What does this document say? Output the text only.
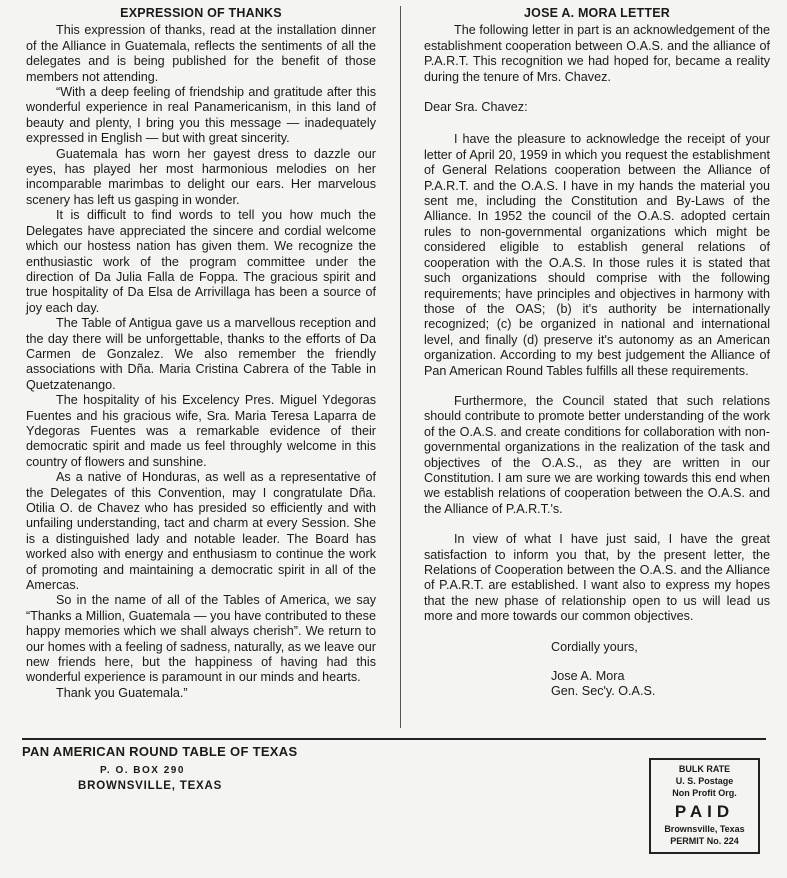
EXPRESSION OF THANKS

This expression of thanks, read at the installation dinner of the Alliance in Guatemala, reflects the sentiments of all the delegates and is being published for the benefit of those members not attending.

“With a deep feeling of friendship and gratitude after this wonderful experience in real Panamericanism, in this land of beauty and plenty, I bring you this message — inadequately expressed in English — but with great sincerity.

Guatemala has worn her gayest dress to dazzle our eyes, has played her most harmonious melodies on her incomparable marimbas to delight our ears. Her marvelous scenery has left us gasping in wonder.

It is difficult to find words to tell you how much the Delegates have appreciated the sincere and cordial welcome which our hostess nation has given them. We recognize the enthusiastic work of the program committee under the direction of Da Julia Falla de Foppa. The gracious spirit and true hospitality of Da Elsa de Arrivillaga has been a source of joy each day.

The Table of Antigua gave us a marvellous reception and the day there will be unforgettable, thanks to the efforts of Da Carmen de Gonzalez. We also remember the friendly associations with Dña. Maria Cristina Cabrera of the Table in Quetzatenango.

The hospitality of his Excelency Pres. Miguel Ydegoras Fuentes and his gracious wife, Sra. Maria Teresa Laparra de Ydegoras Fuentes was a remarkable evidence of their democratic spirit and made us feel throughly welcome in this country of flowers and sunshine.

As a native of Honduras, as well as a representative of the Delegates of this Convention, may I congratulate Dña. Otilia O. de Chavez who has presided so efficiently and with unfailing understanding, tact and charm at every Session. She is a distinguished lady and notable leader. The Board has worked also with energy and enthusiasm to continue the work of promoting and maintaining a democratic spirit in all of the Amercas.

So in the name of all of the Tables of America, we say “Thanks a Million, Guatemala — you have contributed to these happy memories which we shall always cherish”. We return to our homes with a feeling of sadness, naturally, as we leave our new friends here, but the happiness of having had this wonderful experience is paramount in our minds and hearts.

Thank you Guatemala.”

JOSE A. MORA LETTER

The following letter in part is an acknowledgement of the establishment cooperation between O.A.S. and the alliance of P.A.R.T. This recognition we had hoped for, became a reality during the tenure of Mrs. Chavez.

Dear Sra. Chavez:

I have the pleasure to acknowledge the receipt of your letter of April 20, 1959 in which you request the establishment of General Relations cooperation between the Alliance of P.A.R.T. and the O.A.S. I have in my hands the material you sent me, including the Constitution and By-Laws of the Alliance. In 1952 the council of the O.A.S. adopted certain rules to non-governmental organizations which might be considered eligible to establish general relations of cooperation with the O.A.S. In those rules it is stated that such organizations should comprise with the following requirements; have principles and objectives in harmony with those of the OAS; (b) it's authority be internationally recognized; (c) be organized in national and international level, and finally (d) preserve it's autonomy as an American organization. According to my best judgement the Alliance of Pan American Round Tables fulfills all these requirements.

Furthermore, the Council stated that such relations should contribute to promote better understanding of the work of the O.A.S. and create conditions for collaboration with non-governmental organizations in the realization of the task and objectives of the O.A.S., as they are written in our Constitution. I am sure we are working towards this end when we establish relations of cooperation between the O.A.S. and the Alliance of P.A.R.T.'s.

In view of what I have just said, I have the great satisfaction to inform you that, by the present letter, the Relations of Cooperation between the O.A.S. and the Alliance of P.A.R.T. are established. I want also to express my hopes that the new phase of relationship open to us will lead us more and more towards our common objectives.

Cordially yours,

Jose A. Mora

Gen. Sec'y. O.A.S.

PAN AMERICAN ROUND TABLE OF TEXAS
P. O. BOX 290
BROWNSVILLE, TEXAS
BULK RATE
U. S. Postage
Non Profit Org.
PAID
Brownsville, Texas
PERMIT No. 224
